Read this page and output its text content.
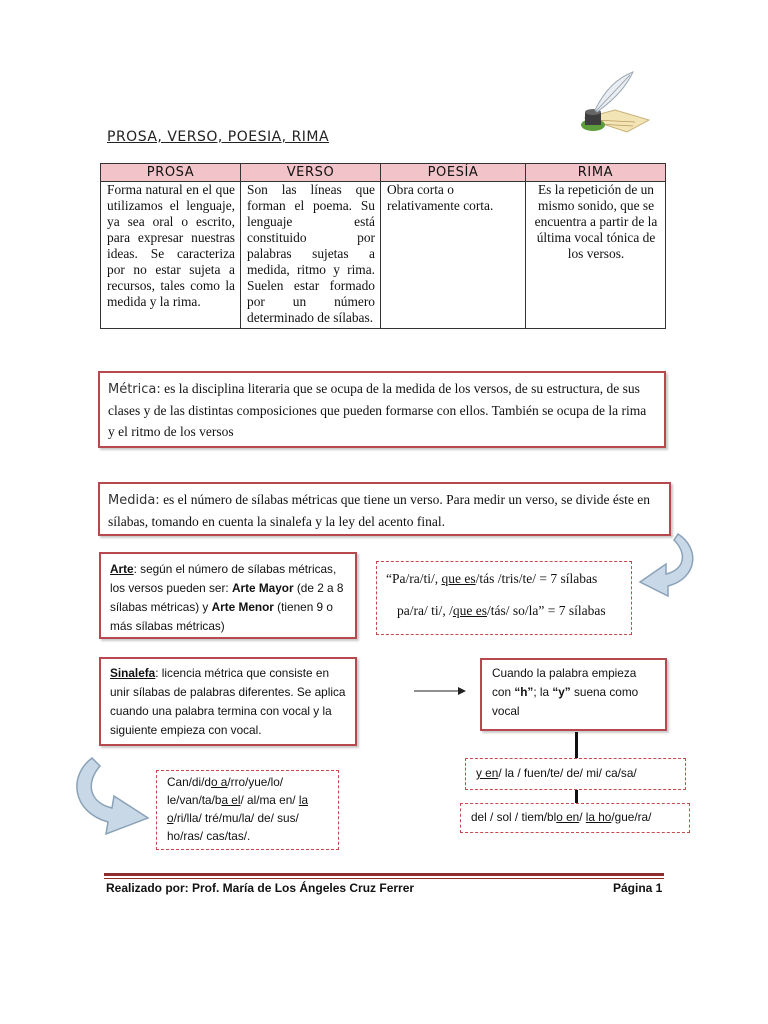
PROSA, VERSO, POESIA, RIMA
PROSA	VERSO	POESÍA	RIMA
Forma natural en el que utilizamos el lenguaje, ya sea oral o escrito, para expresar nuestras ideas. Se caracteriza por no estar sujeta a recursos, tales como la medida y la rima.	Son las líneas que forman el poema. Su lenguaje está constituido por palabras sujetas a medida, ritmo y rima. Suelen estar formado por un número determinado de sílabas.	Obra corta o relativamente corta.	Es la repetición de un mismo sonido, que se encuentra a partir de la última vocal tónica de los versos.
Métrica: es la disciplina literaria que se ocupa de la medida de los versos, de su estructura, de sus clases y de las distintas composiciones que pueden formarse con ellos. También se ocupa de la rima y el ritmo de los versos
Medida: es el número de sílabas métricas que tiene un verso. Para medir un verso, se divide éste en sílabas, tomando en cuenta la sinalefa y la ley del acento final.
Arte: según el número de sílabas métricas, los versos pueden ser: Arte Mayor (de 2 a 8 sílabas métricas) y Arte Menor (tienen 9 o más sílabas métricas)
“Pa/ra/ti/, que es/tás /tris/te/ = 7 sílabas
pa/ra/ ti/, /que es/tás/ so/la” = 7 sílabas
Sinalefa: licencia métrica que consiste en unir sílabas de palabras diferentes. Se aplica cuando una palabra termina con vocal y la siguiente empieza con vocal.
Cuando la palabra empieza con “h”; la “y” suena como vocal
y en/ la / fuen/te/ de/ mi/ ca/sa/
del / sol / tiem/blo en/ la ho/gue/ra/
Can/di/do a/rro/yue/lo/ le/van/ta/ba el/ al/ma en/ la o/ri/lla/ tré/mu/la/ de/ sus/ ho/ras/ cas/tas/.
Realizado por: Prof. María de Los Ángeles Cruz Ferrer	Página 1
